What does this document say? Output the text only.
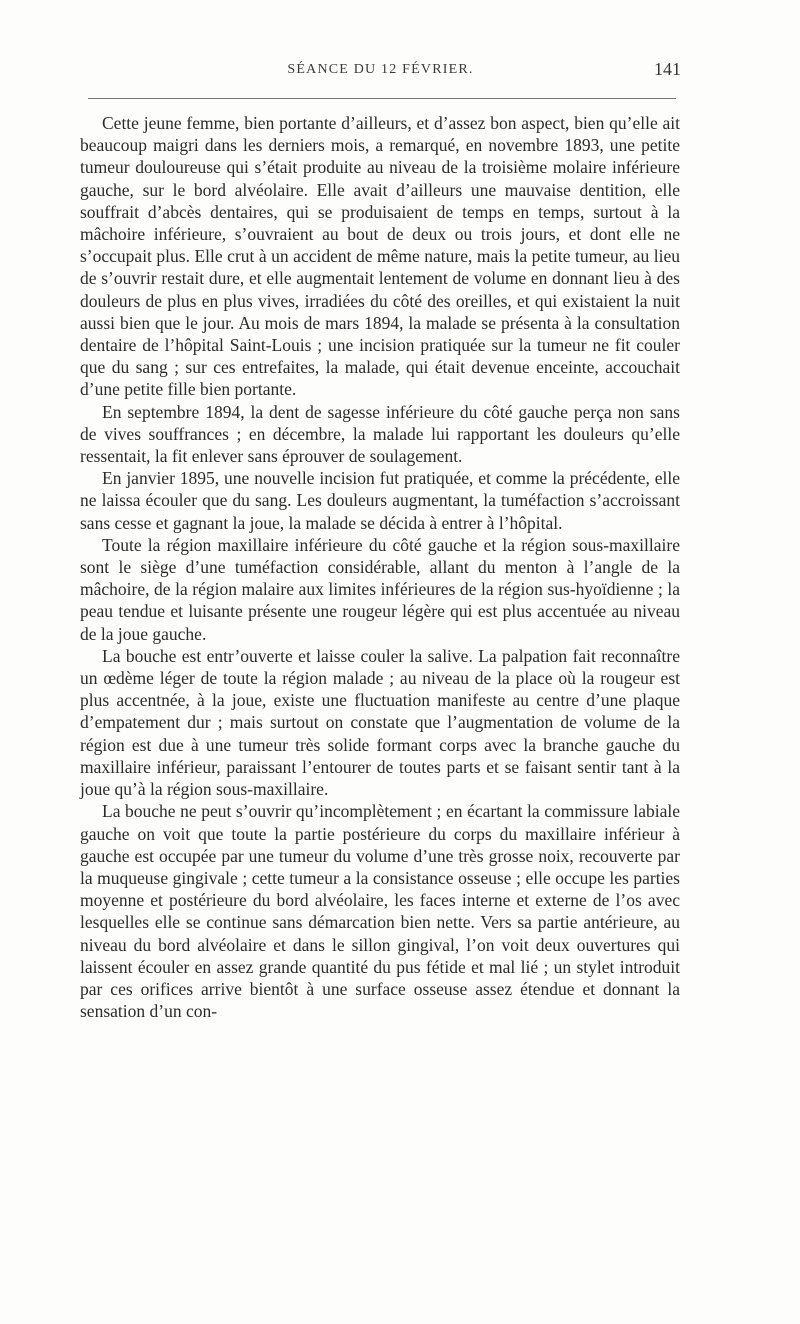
SÉANCE DU 12 FÉVRIER.	141

Cette jeune femme, bien portante d’ailleurs, et d’assez bon aspect, bien qu’elle ait beaucoup maigri dans les derniers mois, a remarqué, en novembre 1893, une petite tumeur douloureuse qui s’était produite au niveau de la troisième molaire inférieure gauche, sur le bord alvéolaire. Elle avait d’ailleurs une mauvaise dentition, elle souffrait d’abcès dentaires, qui se produisaient de temps en temps, surtout à la mâchoire inférieure, s’ouvraient au bout de deux ou trois jours, et dont elle ne s’occupait plus. Elle crut à un accident de même nature, mais la petite tumeur, au lieu de s’ouvrir restait dure, et elle augmentait lentement de volume en donnant lieu à des douleurs de plus en plus vives, irradiées du côté des oreilles, et qui existaient la nuit aussi bien que le jour. Au mois de mars 1894, la malade se présenta à la consultation dentaire de l’hôpital Saint-Louis ; une incision pratiquée sur la tumeur ne fit couler que du sang ; sur ces entrefaites, la malade, qui était devenue enceinte, accouchait d’une petite fille bien portante.

En septembre 1894, la dent de sagesse inférieure du côté gauche perça non sans de vives souffrances ; en décembre, la malade lui rapportant les douleurs qu’elle ressentait, la fit enlever sans éprouver de soulagement.

En janvier 1895, une nouvelle incision fut pratiquée, et comme la précédente, elle ne laissa écouler que du sang. Les douleurs augmentant, la tuméfaction s’accroissant sans cesse et gagnant la joue, la malade se décida à entrer à l’hôpital.

Toute la région maxillaire inférieure du côté gauche et la région sous-maxillaire sont le siège d’une tuméfaction considérable, allant du menton à l’angle de la mâchoire, de la région malaire aux limites inférieures de la région sus-hyoïdienne ; la peau tendue et luisante présente une rougeur légère qui est plus accentuée au niveau de la joue gauche.

La bouche est entr’ouverte et laisse couler la salive. La palpation fait reconnaître un œdème léger de toute la région malade ; au niveau de la place où la rougeur est plus accentnée, à la joue, existe une fluctuation manifeste au centre d’une plaque d’empatement dur ; mais surtout on constate que l’augmentation de volume de la région est due à une tumeur très solide formant corps avec la branche gauche du maxillaire inférieur, paraissant l’entourer de toutes parts et se faisant sentir tant à la joue qu’à la région sous-maxillaire.

La bouche ne peut s’ouvrir qu’incomplètement ; en écartant la commissure labiale gauche on voit que toute la partie postérieure du corps du maxillaire inférieur à gauche est occupée par une tumeur du volume d’une très grosse noix, recouverte par la muqueuse gingivale ; cette tumeur a la consistance osseuse ; elle occupe les parties moyenne et postérieure du bord alvéolaire, les faces interne et externe de l’os avec lesquelles elle se continue sans démarcation bien nette. Vers sa partie antérieure, au niveau du bord alvéolaire et dans le sillon gingival, l’on voit deux ouvertures qui laissent écouler en assez grande quantité du pus fétide et mal lié ; un stylet introduit par ces orifices arrive bientôt à une surface osseuse assez étendue et donnant la sensation d’un con-
